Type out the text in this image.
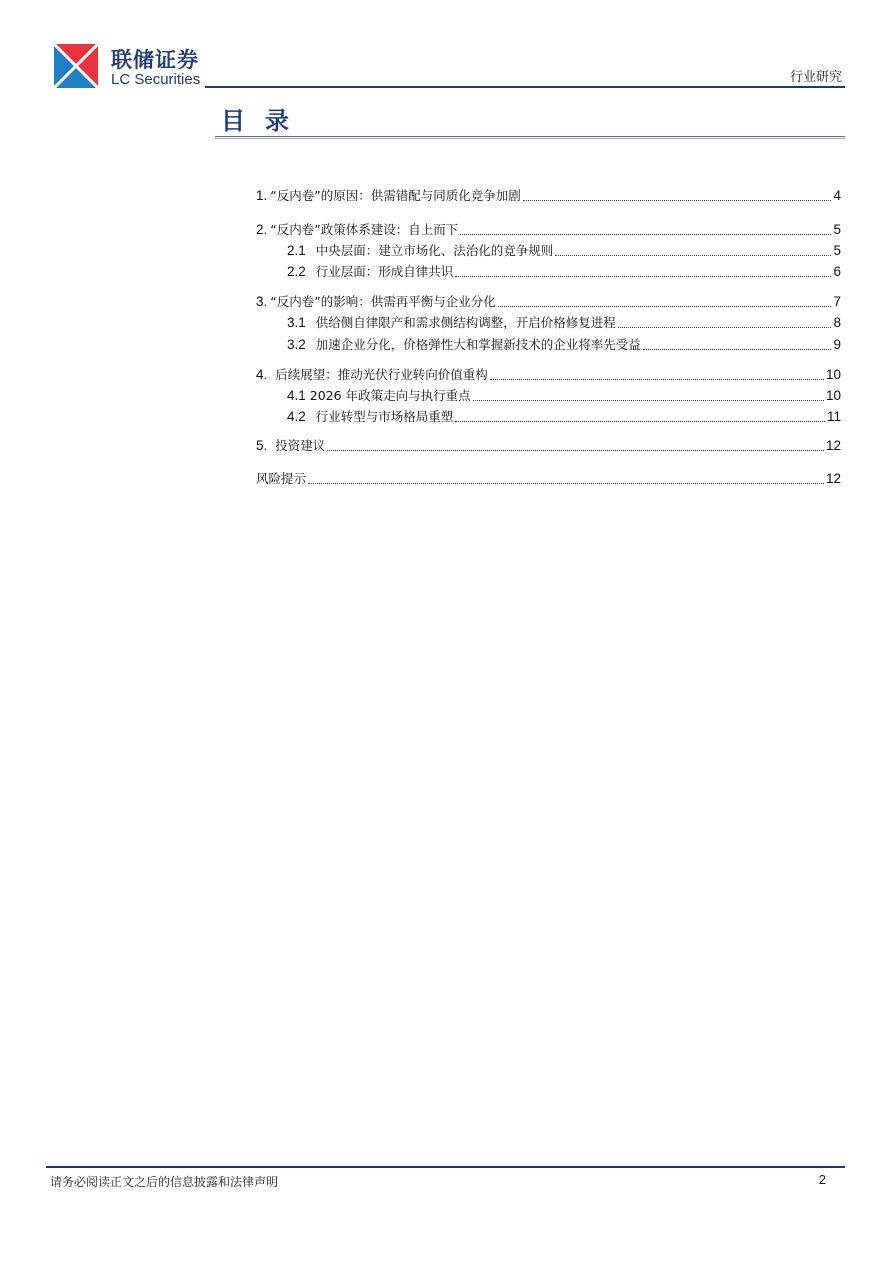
联储证券
LC Securities	行业研究
目录
1. “反内卷”的原因：供需错配与同质化竞争加剧	4
2. “反内卷”政策体系建设：自上而下	5
2.1 中央层面：建立市场化、法治化的竞争规则	5
2.2 行业层面：形成自律共识	6
3. “反内卷”的影响：供需再平衡与企业分化	7
3.1 供给侧自律限产和需求侧结构调整，开启价格修复进程	8
3.2 加速企业分化，价格弹性大和掌握新技术的企业将率先受益	9
4. 后续展望：推动光伏行业转向价值重构	10
4.1 2026 年政策走向与执行重点	10
4.2 行业转型与市场格局重塑	11
5. 投资建议	12
风险提示	12
请务必阅读正文之后的信息披露和法律声明	2
